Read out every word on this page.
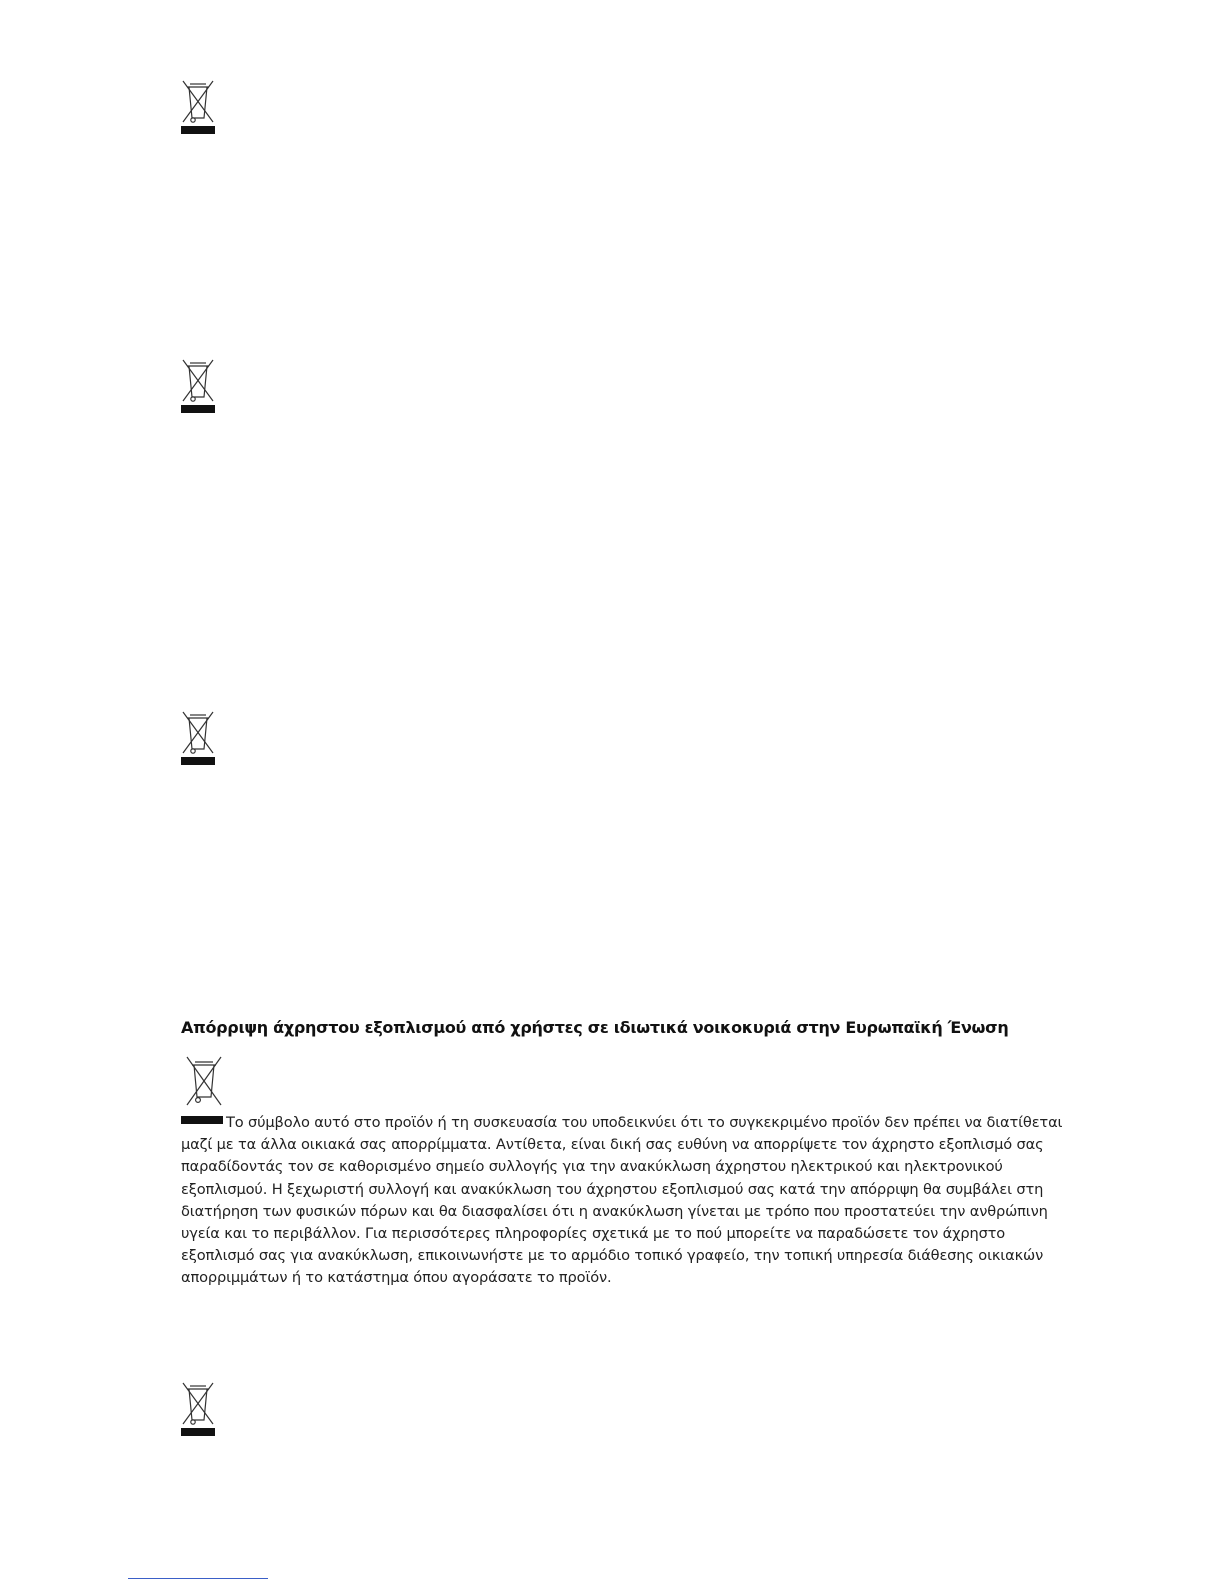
Απόρριψη άχρηστου εξοπλισμού από χρήστες σε ιδιωτικά νοικοκυριά στην Ευρωπαϊκή Ένωση

Το σύμβολο αυτό στο προϊόν ή τη συσκευασία του υποδεικνύει ότι το συγκεκριμένο προϊόν δεν πρέπει να διατίθεται μαζί με τα άλλα οικιακά σας απορρίμματα. Αντίθετα, είναι δική σας ευθύνη να απορρίψετε τον άχρηστο εξοπλισμό σας παραδίδοντάς τον σε καθορισμένο σημείο συλλογής για την ανακύκλωση άχρηστου ηλεκτρικού και ηλεκτρονικού εξοπλισμού. Η ξεχωριστή συλλογή και ανακύκλωση του άχρηστου εξοπλισμού σας κατά την απόρριψη θα συμβάλει στη διατήρηση των φυσικών πόρων και θα διασφαλίσει ότι η ανακύκλωση γίνεται με τρόπο που προστατεύει την ανθρώπινη υγεία και το περιβάλλον. Για περισσότερες πληροφορίες σχετικά με το πού μπορείτε να παραδώσετε τον άχρηστο εξοπλισμό σας για ανακύκλωση, επικοινωνήστε με το αρμόδιο τοπικό γραφείο, την τοπική υπηρεσία διάθεσης οικιακών απορριμμάτων ή το κατάστημα όπου αγοράσατε το προϊόν.
